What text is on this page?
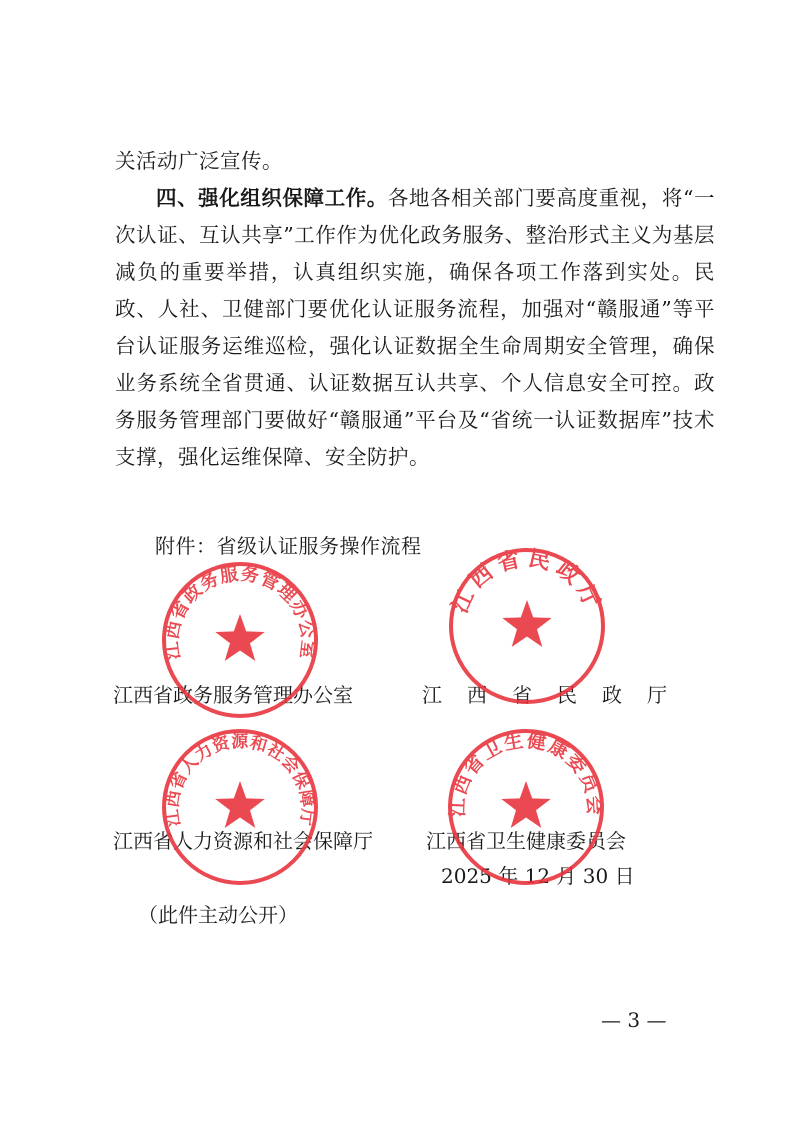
关活动广泛宣传。

四、强化组织保障工作。各地各相关部门要高度重视，将“一次认证、互认共享”工作作为优化政务服务、整治形式主义为基层减负的重要举措，认真组织实施，确保各项工作落到实处。民政、人社、卫健部门要优化认证服务流程，加强对“赣服通”等平台认证服务运维巡检，强化认证数据全生命周期安全管理，确保业务系统全省贯通、认证数据互认共享、个人信息安全可控。政务服务管理部门要做好“赣服通”平台及“省统一认证数据库”技术支撑，强化运维保障、安全防护。

附件：省级认证服务操作流程
江西省政务服务管理办公室	江西省民政厅
江西省人力资源和社会保障厅	江西省卫生健康委员会
2025 年 12 月 30 日
（此件主动公开）
— 3 —
江西省政务服务管理办公室
江西省民政厅
江西省人力资源和社会保障厅
江西省卫生健康委员会
